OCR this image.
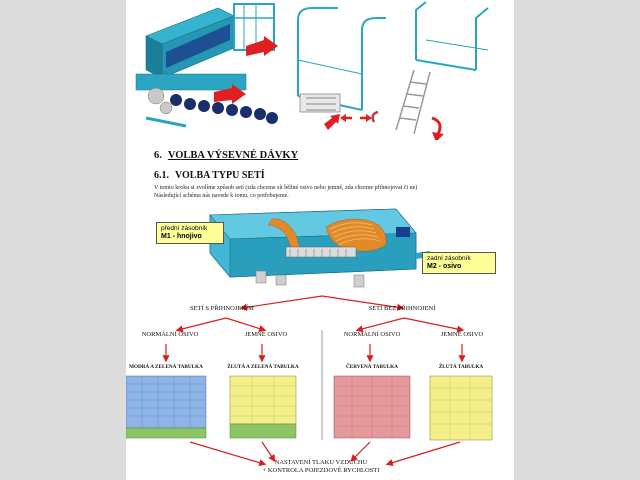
6. VOLBA VÝSEVNÉ DÁVKY
6.1. VOLBA TYPU SETÍ
V tomto kroku si zvolíme způsob setí (zda chceme sít běžné osivo nebo jemné, zda chceme přihnojovat či ne)
Následující schéma nás navede k tomu, co potřebujeme.
přední zásobník
M1 - hnojivo
zadní zásobník
M2 - osivo
SETÍ S PŘIHNOJENÍM	SETÍ BEZ PŘIHNOJENÍ
NORMÁLNÍ OSIVO	JEMNÉ OSIVO	NORMÁLNÍ OSIVO	JEMNÉ OSIVO
MODRÁ A ZELENÁ TABULKA	ŽLUTÁ A ZELENÁ TABULKA	ČERVENÁ TABULKA	ŽLUTÁ TABULKA
NASTAVENÍ TLAKU VZDUCHU
+ KONTROLA POJEZDOVÉ RYCHLOSTI
